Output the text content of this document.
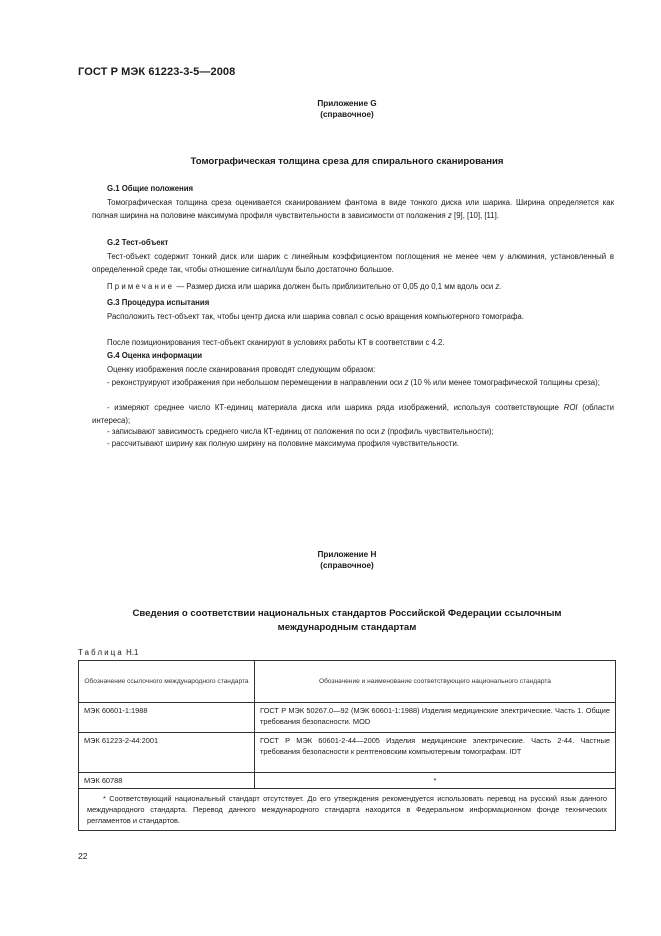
ГОСТ Р МЭК 61223-3-5—2008
Приложение G
(справочное)
Томографическая толщина среза для спирального сканирования
G.1 Общие положения
Томографическая толщина среза оценивается сканированием фантома в виде тонкого диска или шарика. Ширина определяется как полная ширина на половине максимума профиля чувствительности в зависимости от положения z [9], [10], [11].
G.2 Тест-объект
Тест-объект содержит тонкий диск или шарик с линейным коэффициентом поглощения не менее чем у алюминия, установленный в определенной среде так, чтобы отношение сигнал/шум было достаточно большое.
Примечание — Размер диска или шарика должен быть приблизительно от 0,05 до 0,1 мм вдоль оси z.
G.3 Процедура испытания
Расположить тест-объект так, чтобы центр диска или шарика совпал с осью вращения компьютерного томографа.
После позиционирования тест-объект сканируют в условиях работы КТ в соответствии с 4.2.
G.4 Оценка информации
Оценку изображения после сканирования проводят следующим образом:
- реконструируют изображения при небольшом перемещении в направлении оси z (10 % или менее томографической толщины среза);
- измеряют среднее число КТ-единиц материала диска или шарика ряда изображений, используя соответствующие ROI (области интереса);
- записывают зависимость среднего числа КТ-единиц от положения по оси z (профиль чувствительности);
- рассчитывают ширину как полную ширину на половине максимума профиля чувствительности.
Приложение Н
(справочное)
Сведения о соответствии национальных стандартов Российской Федерации ссылочным
международным стандартам
Таблица Н.1
Обозначение ссылочного международного стандарта	Обозначение и наименование соответствующего национального стандарта
МЭК 60601-1:1988	ГОСТ Р МЭК 50267.0—92 (МЭК 60601-1:1988) Изделия медицинские электрические. Часть 1. Общие требования безопасности. MOD
МЭК 61223-2-44:2001	ГОСТ Р МЭК 60601-2-44—2005 Изделия медицинские электрические. Часть 2-44. Частные требования безопасности к рентгеновским компьютерным томографам. IDT
МЭК 60788	*
* Соответствующий национальный стандарт отсутствует. До его утверждения рекомендуется использовать перевод на русский язык данного международного стандарта. Перевод данного международного стандарта находится в Федеральном информационном фонде технических регламентов и стандартов.	
22
